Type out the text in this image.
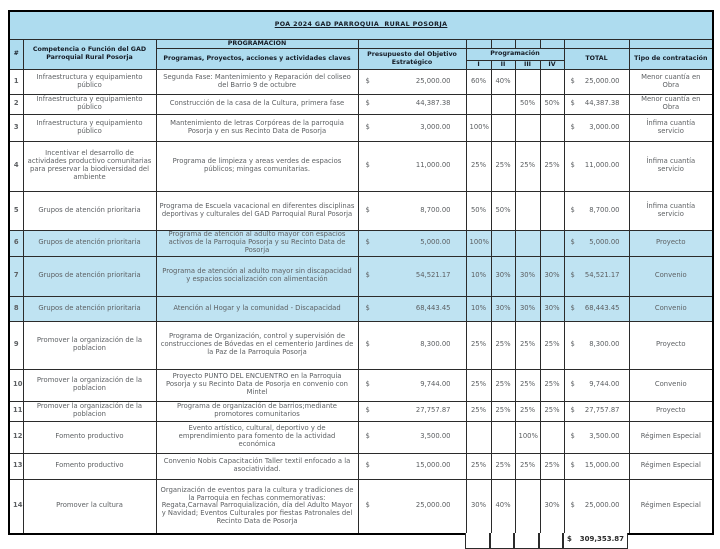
POA 2024 GAD PARROQUIA  RURAL POSORJA									
#	Competencia o Función del GAD Parroquial Rural Posorja	PROGRAMACIÓN							
		Programas, Proyectos, acciones y actividades claves	Presupuesto del Objetivo Estratégico	Programación				TOTAL	Tipo de contratación
				I	II	III	IV		
1	Infraestructura y equipamiento público	Segunda Fase: Mantenimiento y Reparación del coliseo del Barrio 9 de octubre	$ 25,000.00	60%	40%			$ 25,000.00	Menor cuantía en Obra
2	Infraestructura y equipamiento público	Construcción de la casa de la Cultura, primera fase	$ 44,387.38			50%	50%	$ 44,387.38	Menor cuantía en Obra
3	Infraestructura y equipamiento público	Mantenimiento de letras Corpóreas de la parroquia Posorja y en sus Recinto Data de Posorja	$ 3,000.00	100%				$ 3,000.00	Ínfima cuantía servicio
4	Incentivar el desarrollo de actividades productivo comunitarias para preservar la biodiversidad del ambiente	Programa de limpieza y areas verdes de espacios públicos; mingas comunitarias.	$ 11,000.00	25%	25%	25%	25%	$ 11,000.00	Ínfima cuantía servicio
5	Grupos de atención prioritaria	Programa de Escuela vacacional en diferentes disciplinas deportivas y culturales del GAD Parroquial Rural Posorja	$ 8,700.00	50%	50%			$ 8,700.00	Ínfima cuantía servicio
6	Grupos de atención prioritaria	Programa de atención al adulto mayor con espacios activos de la Parroquia Posorja y su Recinto Data de Posorja	$ 5,000.00	100%				$ 5,000.00	Proyecto
7	Grupos de atención prioritaria	Programa de atención al adulto mayor sin discapacidad y espacios socialización con alimentación	$ 54,521.17	10%	30%	30%	30%	$ 54,521.17	Convenio
8	Grupos de atención prioritaria	Atención al Hogar y la comunidad - Discapacidad	$ 68,443.45	10%	30%	30%	30%	$ 68,443.45	Convenio
9	Promover la organización de la poblacion	Programa de Organización, control y supervisión de construcciones de Bóvedas en el cementerio Jardines de la Paz de la Parroquia Posorja	$ 8,300.00	25%	25%	25%	25%	$ 8,300.00	Proyecto
10	Promover la organización de la poblacion	Proyecto PUNTO DEL ENCUENTRO en la Parroquia Posorja y su Recinto Data de Posorja en convenio con Mintel	$ 9,744.00	25%	25%	25%	25%	$ 9,744.00	Convenio
11	Promover la organización de la poblacion	Programa de organización de barrios;mediante promotores comunitarios	$ 27,757.87	25%	25%	25%	25%	$ 27,757.87	Proyecto
12	Fomento productivo	Evento artístico, cultural, deportivo y de emprendimiento para fomento de la actividad económica	$ 3,500.00			100%		$ 3,500.00	Régimen Especial
13	Fomento productivo	Convenio Nobis Capacitación Taller textil enfocado a la asociatividad.	$ 15,000.00	25%	25%	25%	25%	$ 15,000.00	Régimen Especial
14	Promover la cultura	Organización de eventos para la cultura y tradiciones de la Parroquia en fechas conmemorativas: Regata,Carnaval Parroquialización, día del Adulto Mayor y Navidad; Eventos Culturales por fiestas Patronales del Recinto Data de Posorja	$ 25,000.00	30%	40%		30%	$ 25,000.00	Régimen Especial
$ 309,353.87
